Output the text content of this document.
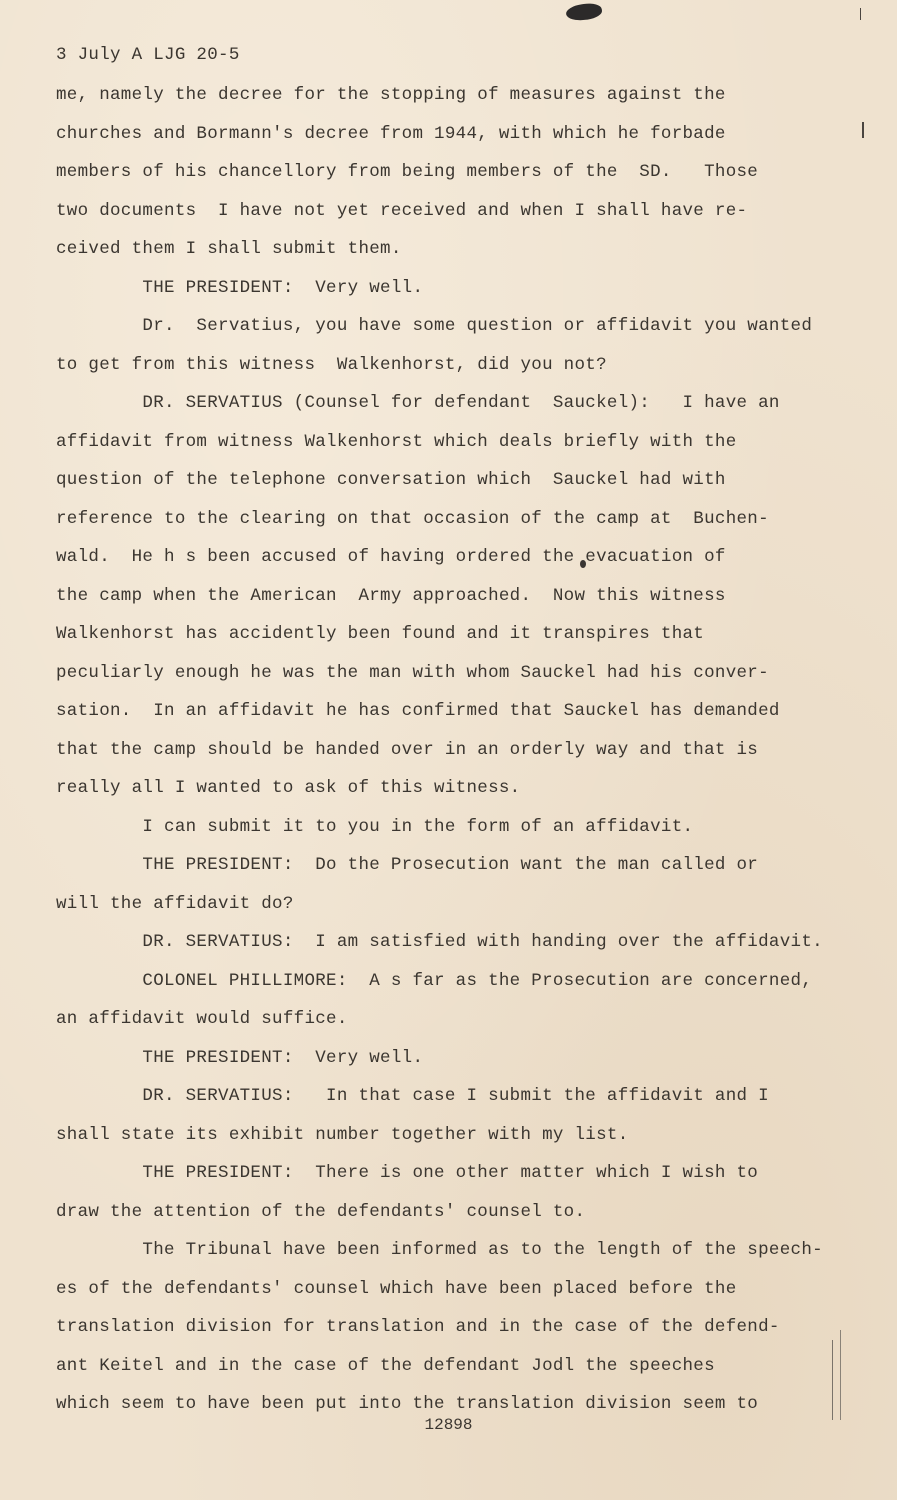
3 July A LJG 20-5
me, namely the decree for the stopping of measures against the
churches and Bormann's decree from 1944, with which he forbade
members of his chancellory from being members of the  SD.   Those
two documents  I have not yet received and when I shall have re-
ceived them I shall submit them.
THE PRESIDENT:  Very well.
Dr.  Servatius, you have some question or affidavit you wanted
to get from this witness  Walkenhorst, did you not?
DR. SERVATIUS (Counsel for defendant  Sauckel):   I have an
affidavit from witness Walkenhorst which deals briefly with the
question of the telephone conversation which  Sauckel had with
reference to the clearing on that occasion of the camp at  Buchen-
wald.  He h s been accused of having ordered the evacuation of
the camp when the American  Army approached.  Now this witness
Walkenhorst has accidently been found and it transpires that
peculiarly enough he was the man with whom Sauckel had his conver-
sation.  In an affidavit he has confirmed that Sauckel has demanded
that the camp should be handed over in an orderly way and that is
really all I wanted to ask of this witness.
I can submit it to you in the form of an affidavit.
THE PRESIDENT:  Do the Prosecution want the man called or
will the affidavit do?
DR. SERVATIUS:  I am satisfied with handing over the affidavit.
COLONEL PHILLIMORE:  A s far as the Prosecution are concerned,
an affidavit would suffice.
THE PRESIDENT:  Very well.
DR. SERVATIUS:   In that case I submit the affidavit and I
shall state its exhibit number together with my list.
THE PRESIDENT:  There is one other matter which I wish to
draw the attention of the defendants' counsel to.
The Tribunal have been informed as to the length of the speech-
es of the defendants' counsel which have been placed before the
translation division for translation and in the case of the defend-
ant Keitel and in the case of the defendant Jodl the speeches
which seem to have been put into the translation division seem to
12898
